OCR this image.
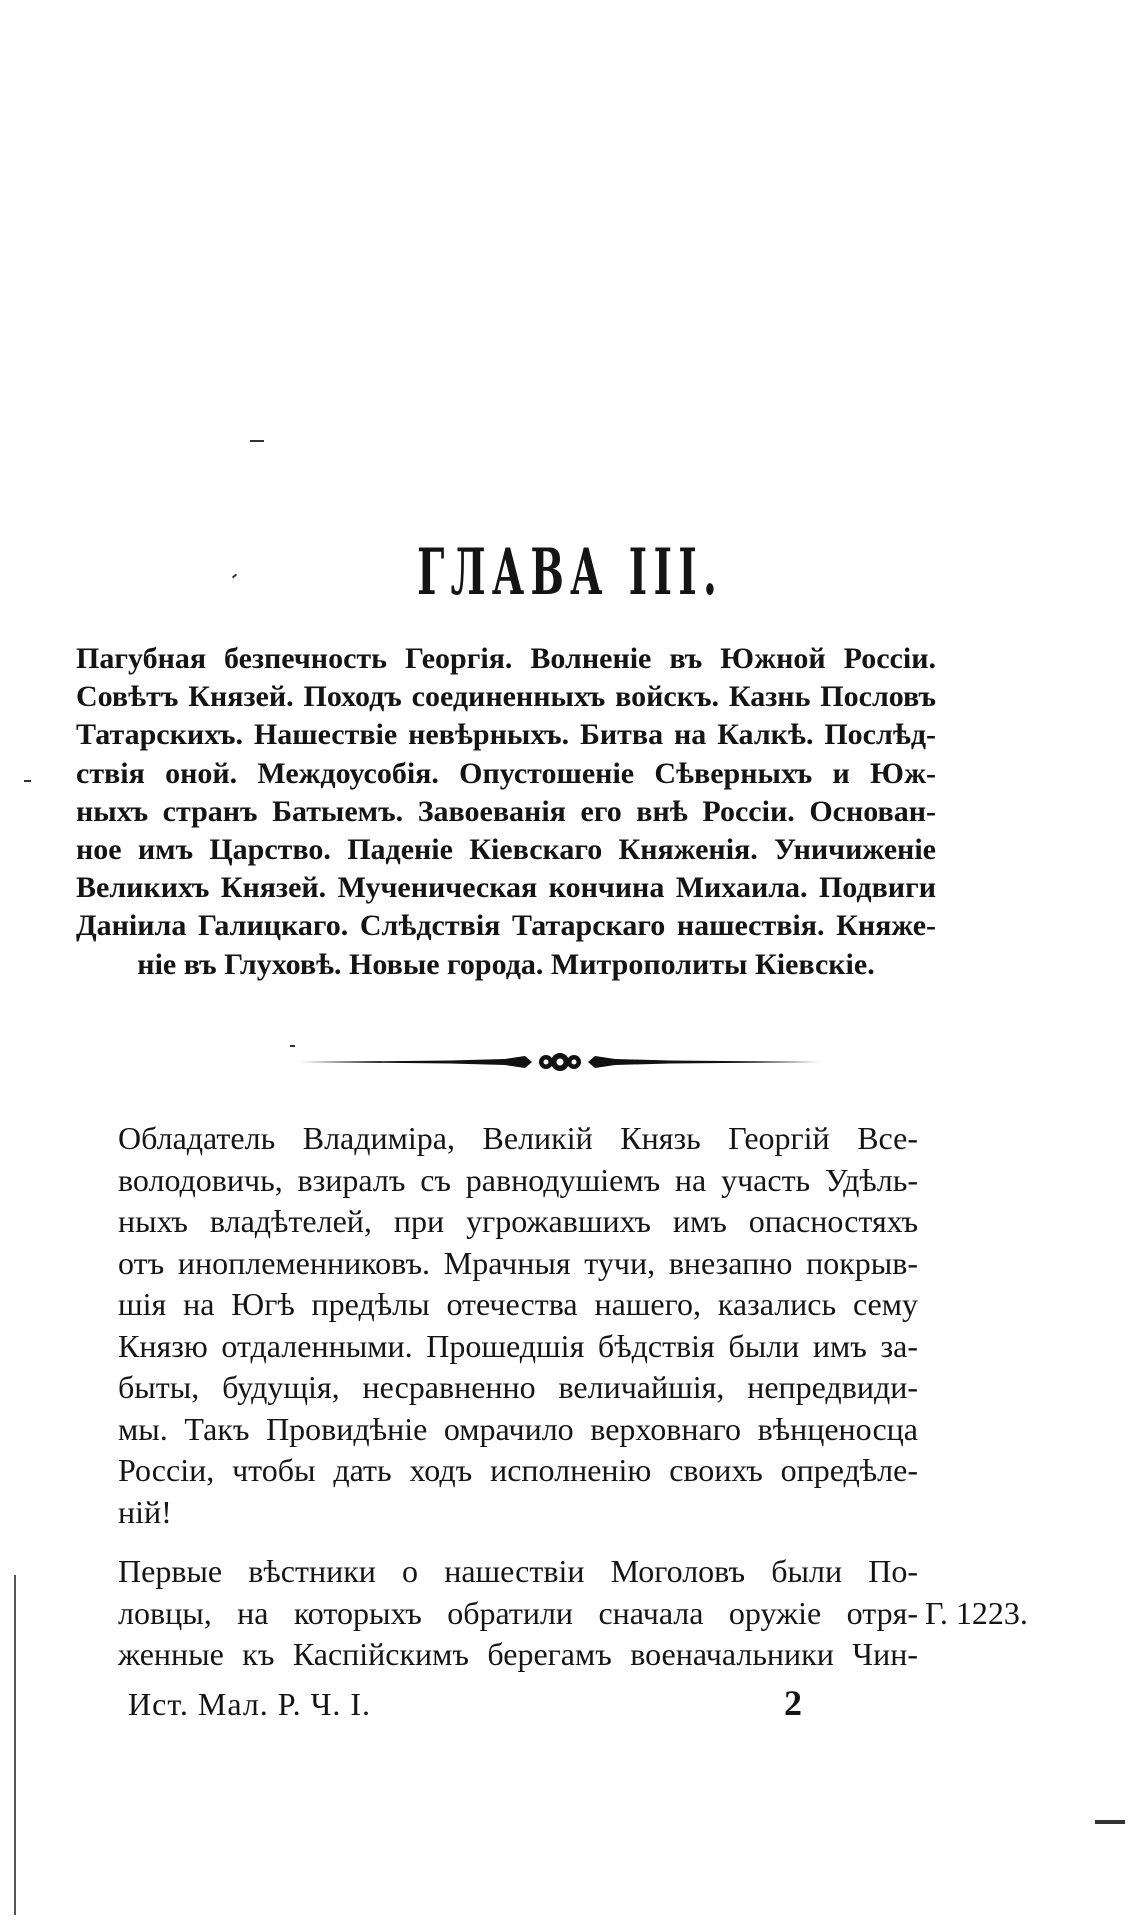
ГЛАВА III.
Пагубная безпечность Георгія. Волненіе въ Южной Россіи.
Совѣтъ Князей. Походъ соединенныхъ войскъ. Казнь Пословъ
Татарскихъ. Нашествіе невѣрныхъ. Битва на Калкѣ. Послѣд-
ствія оной. Междоусобія. Опустошеніе Сѣверныхъ и Юж-
ныхъ странъ Батыемъ. Завоеванія его внѣ Россіи. Основан-
ное имъ Царство. Паденіе Кіевскаго Княженія. Уничиженіе
Великихъ Князей. Мученическая кончина Михаила. Подвиги
Даніила Галицкаго. Слѣдствія Татарскаго нашествія. Княже-
ніе въ Глуховѣ. Новые города. Митрополиты Кіевскіе.
Обладатель Владиміра, Великій Князь Георгій Все-
володовичь, взиралъ съ равнодушіемъ на участь Удѣль-
ныхъ владѣтелей, при угрожавшихъ имъ опасностяхъ
отъ иноплеменниковъ. Мрачныя тучи, внезапно покрыв-
шія на Югѣ предѣлы отечества нашего, казались сему
Князю отдаленными. Прошедшія бѣдствія были имъ за-
быты, будущія, несравненно величайшія, непредвиди-
мы. Такъ Провидѣніе омрачило верховнаго вѣнценосца
Россіи, чтобы дать ходъ исполненію своихъ опредѣле-
ній!
Первые вѣстники о нашествіи Моголовъ были По-
ловцы, на которыхъ обратили сначала оружіе отря-
женные къ Каспійскимъ берегамъ военачальники Чин-
Г. 1223.
Ист. Мал. Р. Ч. I.	2
